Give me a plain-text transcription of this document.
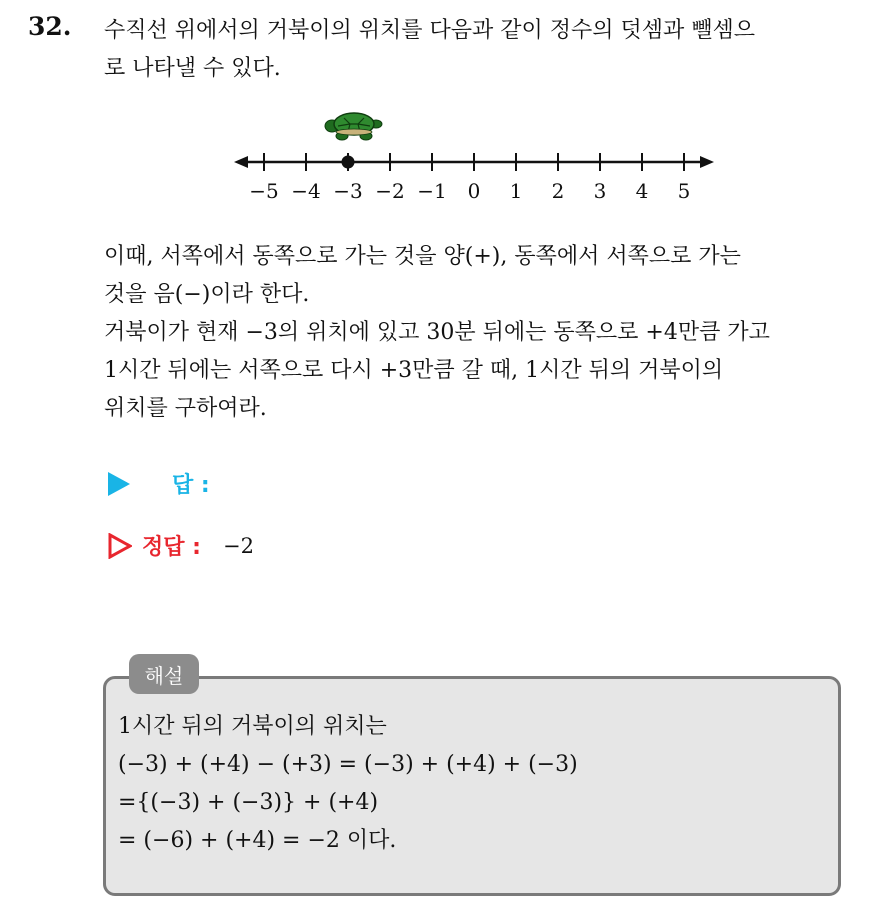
32. 수직선 위에서의 거북이의 위치를 다음과 같이 정수의 덧셈과 뺄셈으
로 나타낼 수 있다.
−5 −4 −3 −2 −1 0 1 2 3 4 5
이때, 서쪽에서 동쪽으로 가는 것을 양(+), 동쪽에서 서쪽으로 가는
것을 음(−)이라 한다.
거북이가 현재 −3의 위치에 있고 30분 뒤에는 동쪽으로 +4만큼 가고
1시간 뒤에는 서쪽으로 다시 +3만큼 갈 때, 1시간 뒤의 거북이의
위치를 구하여라.
답 :
정답 : −2
해설
1시간 뒤의 거북이의 위치는
(−3) + (+4) − (+3) = (−3) + (+4) + (−3)
={(−3) + (−3)} + (+4)
= (−6) + (+4) = −2 이다.
